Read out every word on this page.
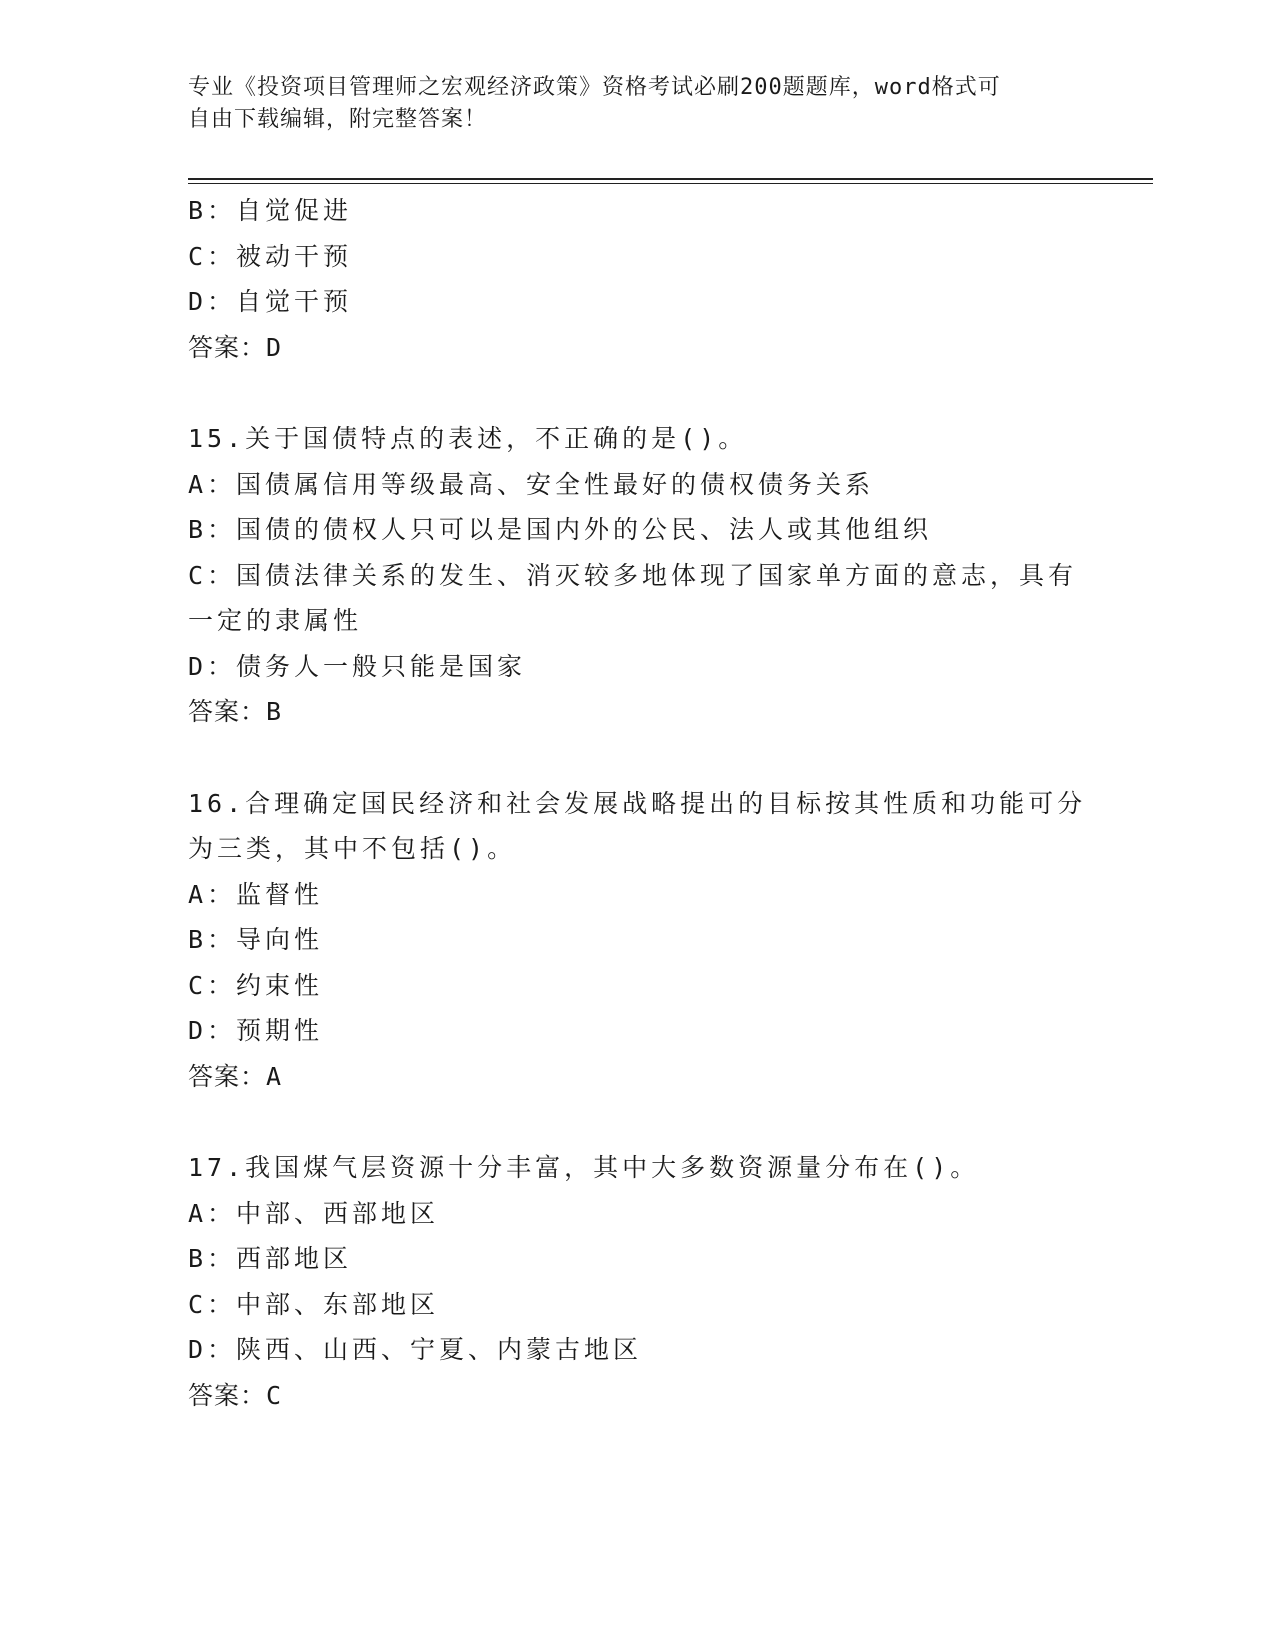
专业《投资项目管理师之宏观经济政策》资格考试必刷200题题库，word格式可
自由下载编辑，附完整答案！
B：自觉促进
C：被动干预
D：自觉干预
答案：D
15.关于国债特点的表述，不正确的是()。
A：国债属信用等级最高、安全性最好的债权债务关系
B：国债的债权人只可以是国内外的公民、法人或其他组织
C：国债法律关系的发生、消灭较多地体现了国家单方面的意志，具有
一定的隶属性
D：债务人一般只能是国家
答案：B
16.合理确定国民经济和社会发展战略提出的目标按其性质和功能可分
为三类，其中不包括()。
A：监督性
B：导向性
C：约束性
D：预期性
答案：A
17.我国煤气层资源十分丰富，其中大多数资源量分布在()。
A：中部、西部地区
B：西部地区
C：中部、东部地区
D：陕西、山西、宁夏、内蒙古地区
答案：C
